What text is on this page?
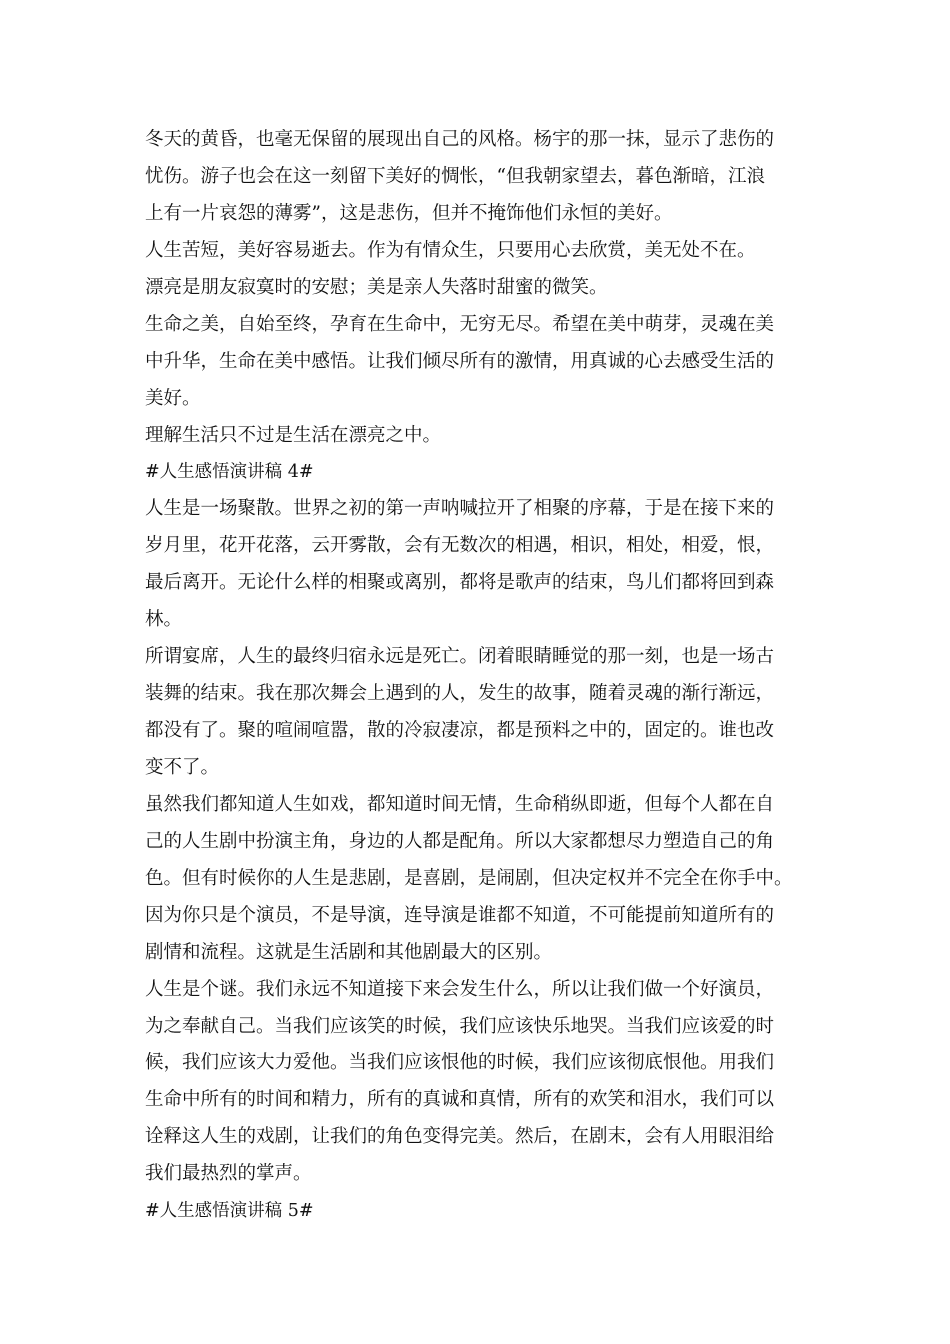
冬天的黄昏，也毫无保留的展现出自己的风格。杨宇的那一抹，显示了悲伤的
忧伤。游子也会在这一刻留下美好的惆怅，“但我朝家望去，暮色渐暗，江浪
上有一片哀怨的薄雾”，这是悲伤，但并不掩饰他们永恒的美好。
人生苦短，美好容易逝去。作为有情众生，只要用心去欣赏，美无处不在。
漂亮是朋友寂寞时的安慰；美是亲人失落时甜蜜的微笑。
生命之美，自始至终，孕育在生命中，无穷无尽。希望在美中萌芽，灵魂在美
中升华，生命在美中感悟。让我们倾尽所有的激情，用真诚的心去感受生活的
美好。
理解生活只不过是生活在漂亮之中。
#人生感悟演讲稿 4#
人生是一场聚散。世界之初的第一声呐喊拉开了相聚的序幕，于是在接下来的
岁月里，花开花落，云开雾散，会有无数次的相遇，相识，相处，相爱，恨，
最后离开。无论什么样的相聚或离别，都将是歌声的结束，鸟儿们都将回到森
林。
所谓宴席，人生的最终归宿永远是死亡。闭着眼睛睡觉的那一刻，也是一场古
装舞的结束。我在那次舞会上遇到的人，发生的故事，随着灵魂的渐行渐远，
都没有了。聚的喧闹喧嚣，散的冷寂凄凉，都是预料之中的，固定的。谁也改
变不了。
虽然我们都知道人生如戏，都知道时间无情，生命稍纵即逝，但每个人都在自
己的人生剧中扮演主角，身边的人都是配角。所以大家都想尽力塑造自己的角
色。但有时候你的人生是悲剧，是喜剧，是闹剧，但决定权并不完全在你手中。
因为你只是个演员，不是导演，连导演是谁都不知道，不可能提前知道所有的
剧情和流程。这就是生活剧和其他剧最大的区别。
人生是个谜。我们永远不知道接下来会发生什么，所以让我们做一个好演员，
为之奉献自己。当我们应该笑的时候，我们应该快乐地哭。当我们应该爱的时
候，我们应该大力爱他。当我们应该恨他的时候，我们应该彻底恨他。用我们
生命中所有的时间和精力，所有的真诚和真情，所有的欢笑和泪水，我们可以
诠释这人生的戏剧，让我们的角色变得完美。然后，在剧末，会有人用眼泪给
我们最热烈的掌声。
#人生感悟演讲稿 5#
